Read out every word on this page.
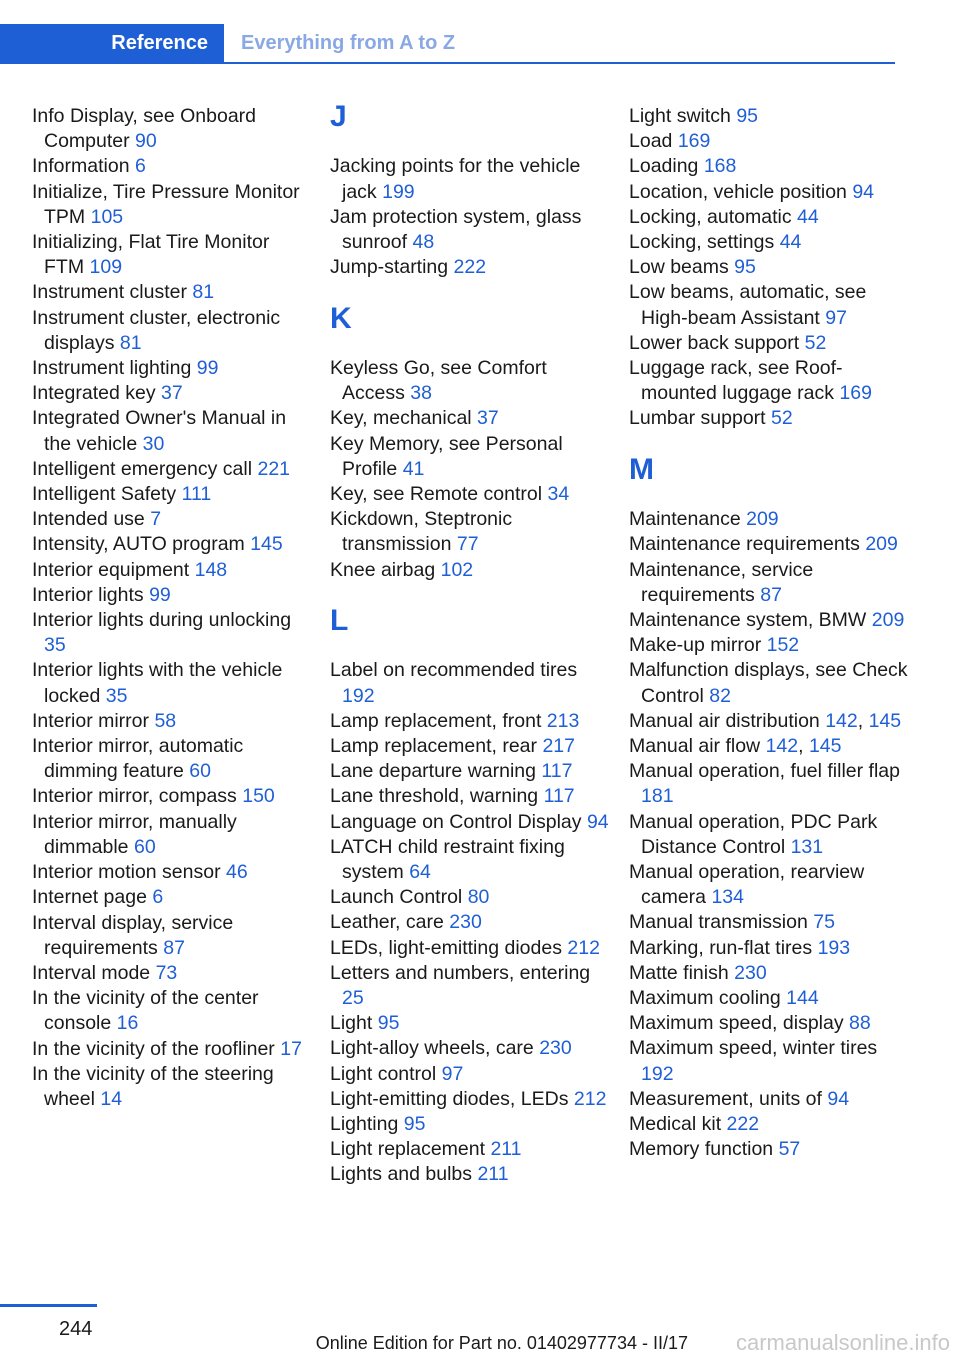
Reference	Everything from A to Z
Info Display, see Onboard Computer 90
Information 6
Initialize, Tire Pressure Monitor TPM 105
Initializing, Flat Tire Monitor FTM 109
Instrument cluster 81
Instrument cluster, electronic displays 81
Instrument lighting 99
Integrated key 37
Integrated Owner's Manual in the vehicle 30
Intelligent emergency call 221
Intelligent Safety 111
Intended use 7
Intensity, AUTO program 145
Interior equipment 148
Interior lights 99
Interior lights during unlocking 35
Interior lights with the vehicle locked 35
Interior mirror 58
Interior mirror, automatic dimming feature 60
Interior mirror, compass 150
Interior mirror, manually dimmable 60
Interior motion sensor 46
Internet page 6
Interval display, service requirements 87
Interval mode 73
In the vicinity of the center console 16
In the vicinity of the roofliner 17
In the vicinity of the steering wheel 14
J
Jacking points for the vehicle jack 199
Jam protection system, glass sunroof 48
Jump-starting 222
K
Keyless Go, see Comfort Access 38
Key, mechanical 37
Key Memory, see Personal Profile 41
Key, see Remote control 34
Kickdown, Steptronic transmission 77
Knee airbag 102
L
Label on recommended tires 192
Lamp replacement, front 213
Lamp replacement, rear 217
Lane departure warning 117
Lane threshold, warning 117
Language on Control Display 94
LATCH child restraint fixing system 64
Launch Control 80
Leather, care 230
LEDs, light-emitting diodes 212
Letters and numbers, entering 25
Light 95
Light-alloy wheels, care 230
Light control 97
Light-emitting diodes, LEDs 212
Lighting 95
Light replacement 211
Lights and bulbs 211
Light switch 95
Load 169
Loading 168
Location, vehicle position 94
Locking, automatic 44
Locking, settings 44
Low beams 95
Low beams, automatic, see High-beam Assistant 97
Lower back support 52
Luggage rack, see Roof-mounted luggage rack 169
Lumbar support 52
M
Maintenance 209
Maintenance requirements 209
Maintenance, service requirements 87
Maintenance system, BMW 209
Make-up mirror 152
Malfunction displays, see Check Control 82
Manual air distribution 142, 145
Manual air flow 142, 145
Manual operation, fuel filler flap 181
Manual operation, PDC Park Distance Control 131
Manual operation, rearview camera 134
Manual transmission 75
Marking, run-flat tires 193
Matte finish 230
Maximum cooling 144
Maximum speed, display 88
Maximum speed, winter tires 192
Measurement, units of 94
Medical kit 222
Memory function 57
244
Online Edition for Part no. 01402977734 - II/17 carmanualsonline.info
